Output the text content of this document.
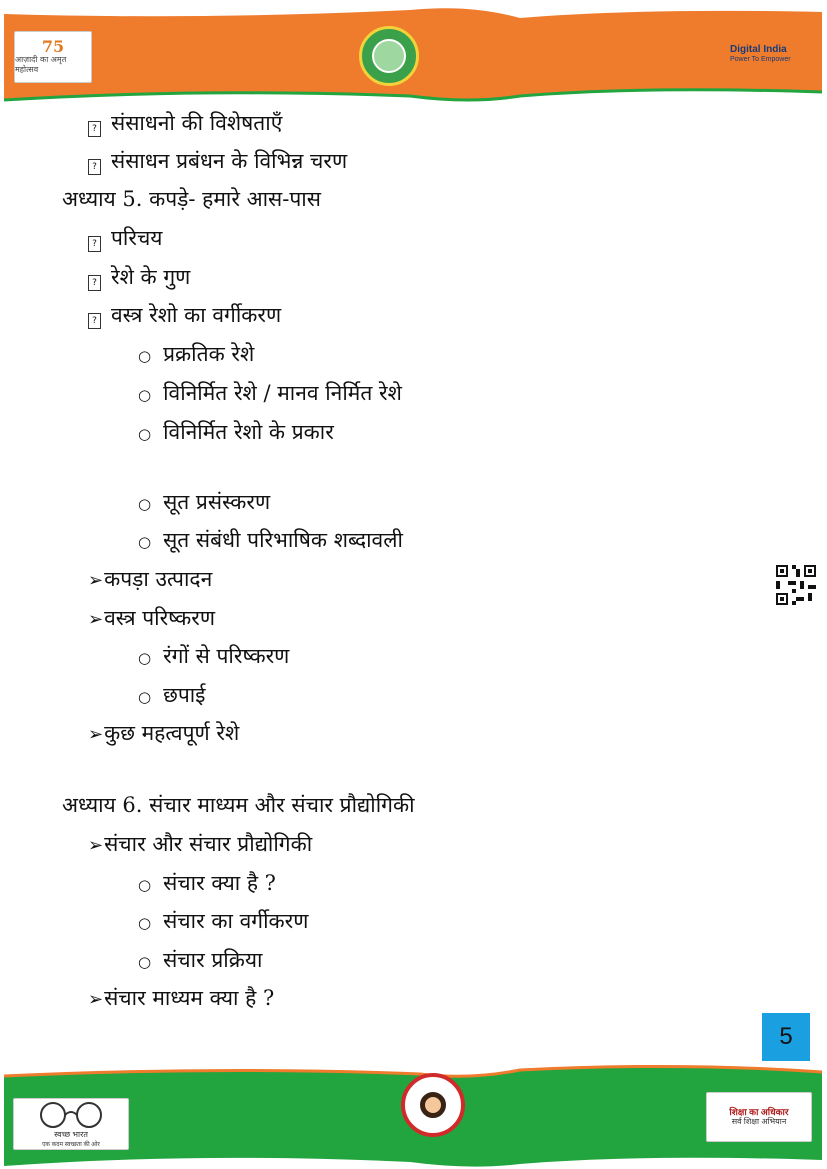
75
आज़ादी का अमृत महोत्सव
Digital India
Power To Empower
? संसाधनो की विशेषताएँ
? संसाधन प्रबंधन के विभिन्न चरण
अध्याय 5. कपड़े- हमारे आस-पास
? परिचय
? रेशे के गुण
? वस्त्र रेशो का वर्गीकरण
○ प्रक्रतिक रेशे
○ विनिर्मित रेशे / मानव निर्मित रेशे
○ विनिर्मित रेशो के प्रकार
○ सूत प्रसंस्करण
○ सूत संबंधी परिभाषिक शब्दावली
➢कपड़ा उत्पादन
➢वस्त्र परिष्करण
○ रंगों से परिष्करण
○ छपाई
➢कुछ महत्वपूर्ण रेशे
अध्याय 6. संचार माध्यम और संचार प्रौद्योगिकी
➢संचार और संचार प्रौद्योगिकी
○ संचार क्या है ?
○ संचार का वर्गीकरण
○ संचार प्रक्रिया
➢संचार माध्यम क्या है ?
5
स्वच्छ भारत
एक कदम स्वच्छता की ओर
शिक्षा का अधिकार
सर्व शिक्षा अभियान
